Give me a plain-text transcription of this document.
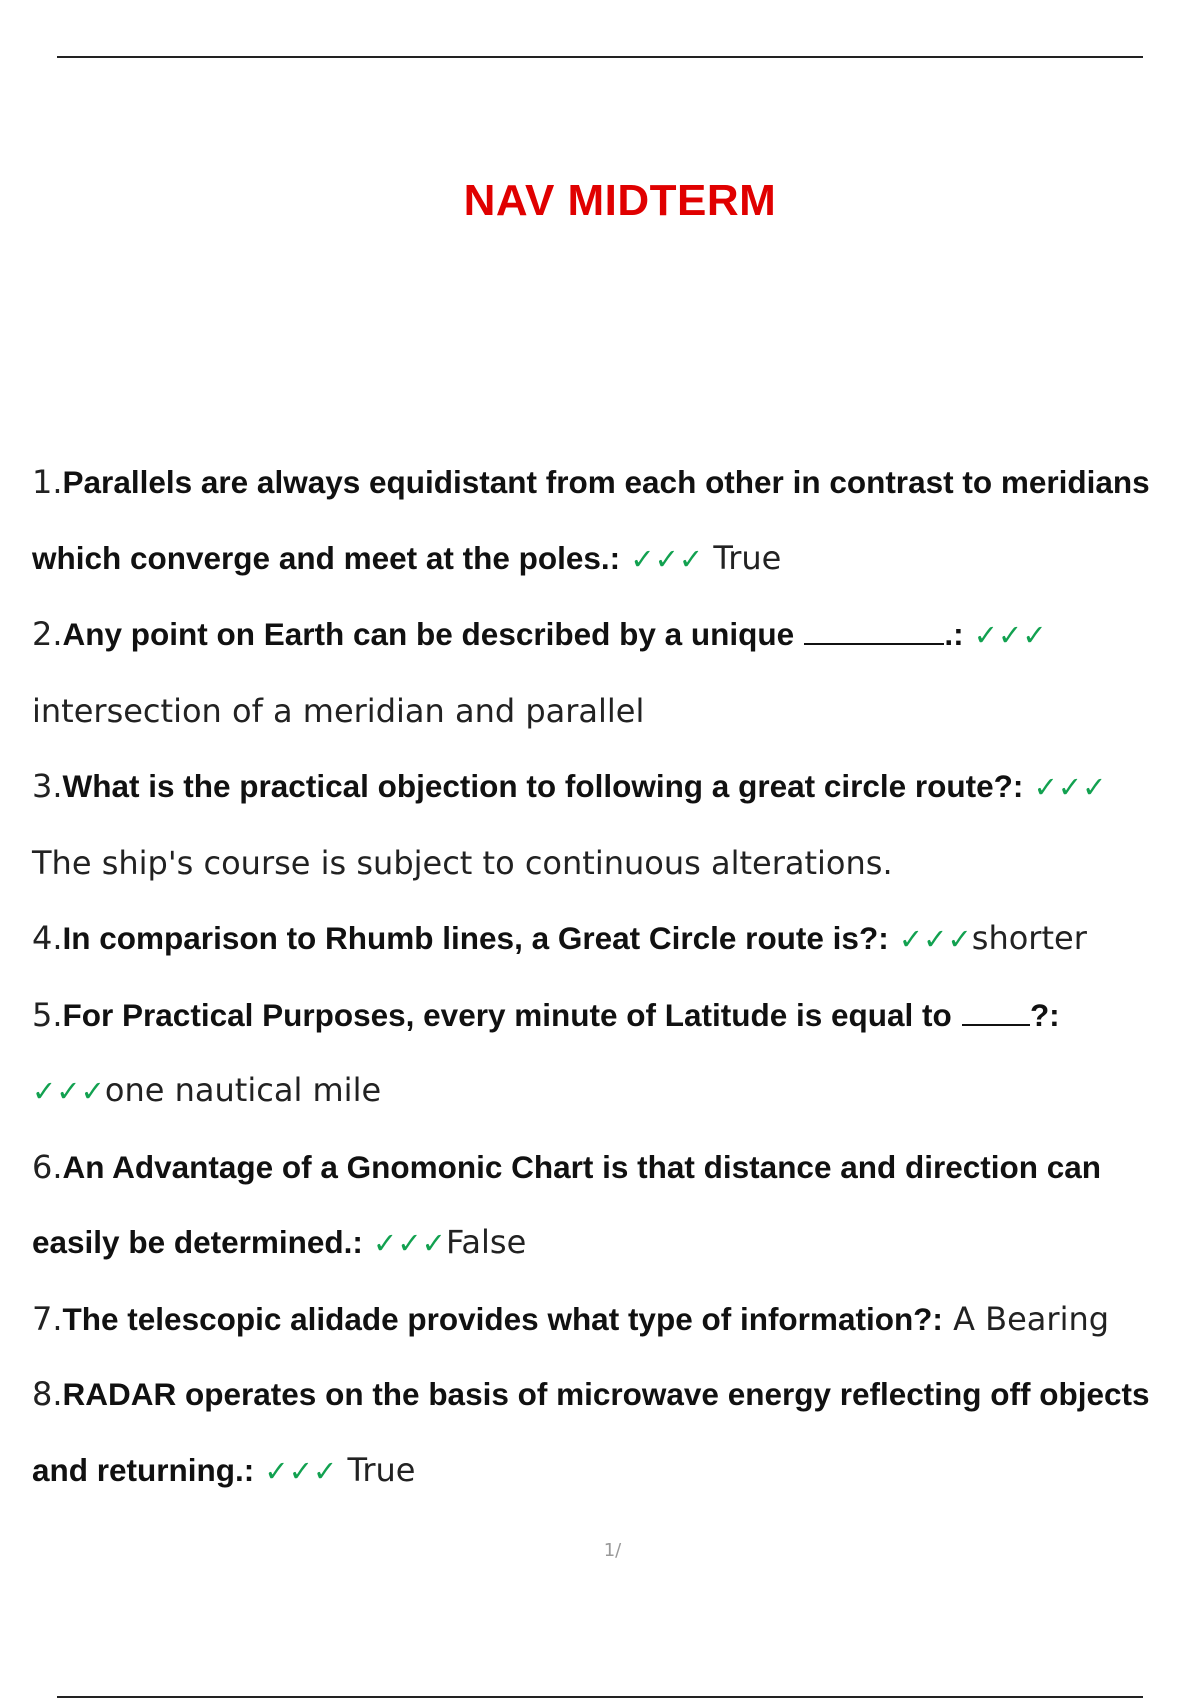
NAV MIDTERM
1.Parallels are always equidistant from each other in contrast to meridians which converge and meet at the poles.: ✓✓✓ True
2.Any point on Earth can be described by a unique	.: ✓✓✓ intersection of a meridian and parallel
3.What is the practical objection to following a great circle route?: ✓✓✓ The ship's course is subject to continuous alterations.
4.In comparison to Rhumb lines, a Great Circle route is?: ✓✓✓shorter
5.For Practical Purposes, every minute of Latitude is equal to ?: ✓✓✓one nautical mile
6.An Advantage of a Gnomonic Chart is that distance and direction can easily be determined.: ✓✓✓False
7.The telescopic alidade provides what type of information?: A Bearing
8.RADAR operates on the basis of microwave energy reflecting off objects and returning.: ✓✓✓ True
1/
